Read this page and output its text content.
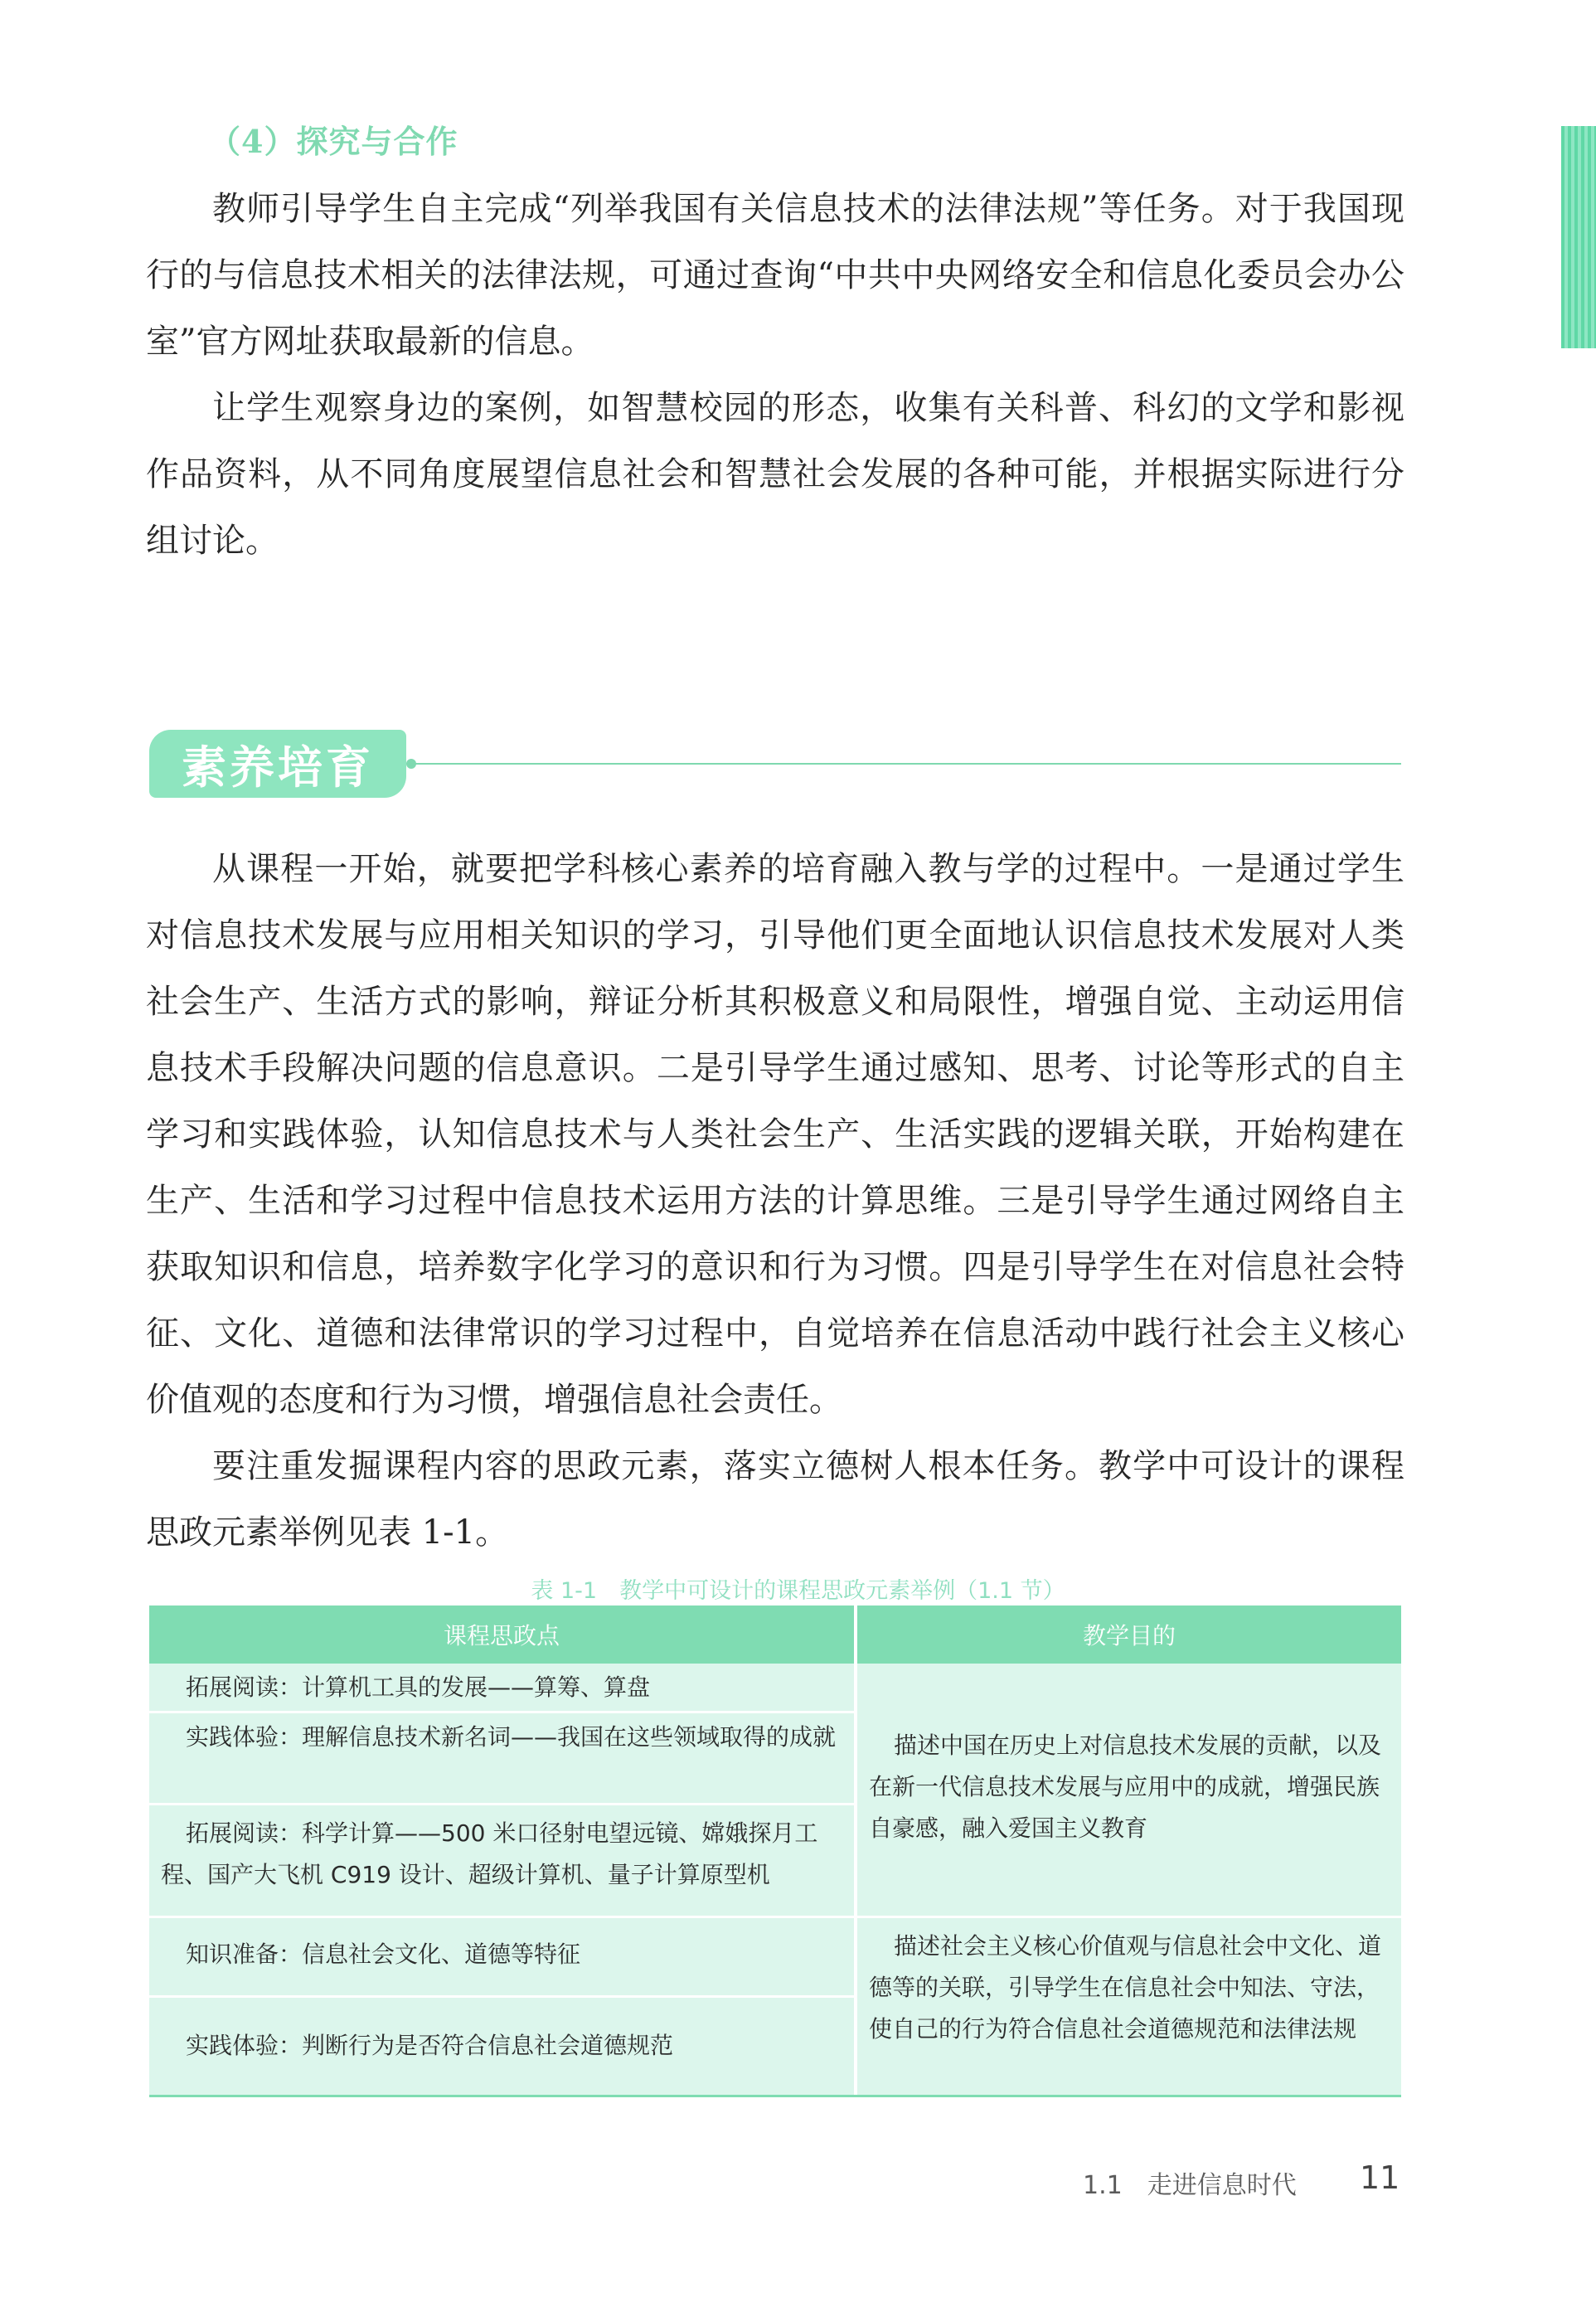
（4）探究与合作

教师引导学生自主完成“列举我国有关信息技术的法律法规”等任务。对于我国现行的与信息技术相关的法律法规，可通过查询“中共中央网络安全和信息化委员会办公室”官方网址获取最新的信息。

让学生观察身边的案例，如智慧校园的形态，收集有关科普、科幻的文学和影视作品资料，从不同角度展望信息社会和智慧社会发展的各种可能，并根据实际进行分组讨论。

素养培育

从课程一开始，就要把学科核心素养的培育融入教与学的过程中。一是通过学生对信息技术发展与应用相关知识的学习，引导他们更全面地认识信息技术发展对人类社会生产、生活方式的影响，辩证分析其积极意义和局限性，增强自觉、主动运用信息技术手段解决问题的信息意识。二是引导学生通过感知、思考、讨论等形式的自主学习和实践体验，认知信息技术与人类社会生产、生活实践的逻辑关联，开始构建在生产、生活和学习过程中信息技术运用方法的计算思维。三是引导学生通过网络自主获取知识和信息，培养数字化学习的意识和行为习惯。四是引导学生在对信息社会特征、文化、道德和法律常识的学习过程中，自觉培养在信息活动中践行社会主义核心价值观的态度和行为习惯，增强信息社会责任。

要注重发掘课程内容的思政元素，落实立德树人根本任务。教学中可设计的课程思政元素举例见表 1-1。

表 1-1　教学中可设计的课程思政元素举例（1.1 节）

课程思政点	教学目的

拓展阅读：计算机工具的发展——算筹、算盘

实践体验：理解信息技术新名词——我国在这些领域取得的成就

拓展阅读：科学计算——500 米口径射电望远镜、嫦娥探月工程、国产大飞机 C919 设计、超级计算机、量子计算原型机

知识准备：信息社会文化、道德等特征

实践体验：判断行为是否符合信息社会道德规范

描述中国在历史上对信息技术发展的贡献，以及在新一代信息技术发展与应用中的成就，增强民族自豪感，融入爱国主义教育

描述社会主义核心价值观与信息社会中文化、道德等的关联，引导学生在信息社会中知法、守法，使自己的行为符合信息社会道德规范和法律法规

1.1　走进信息时代 11
